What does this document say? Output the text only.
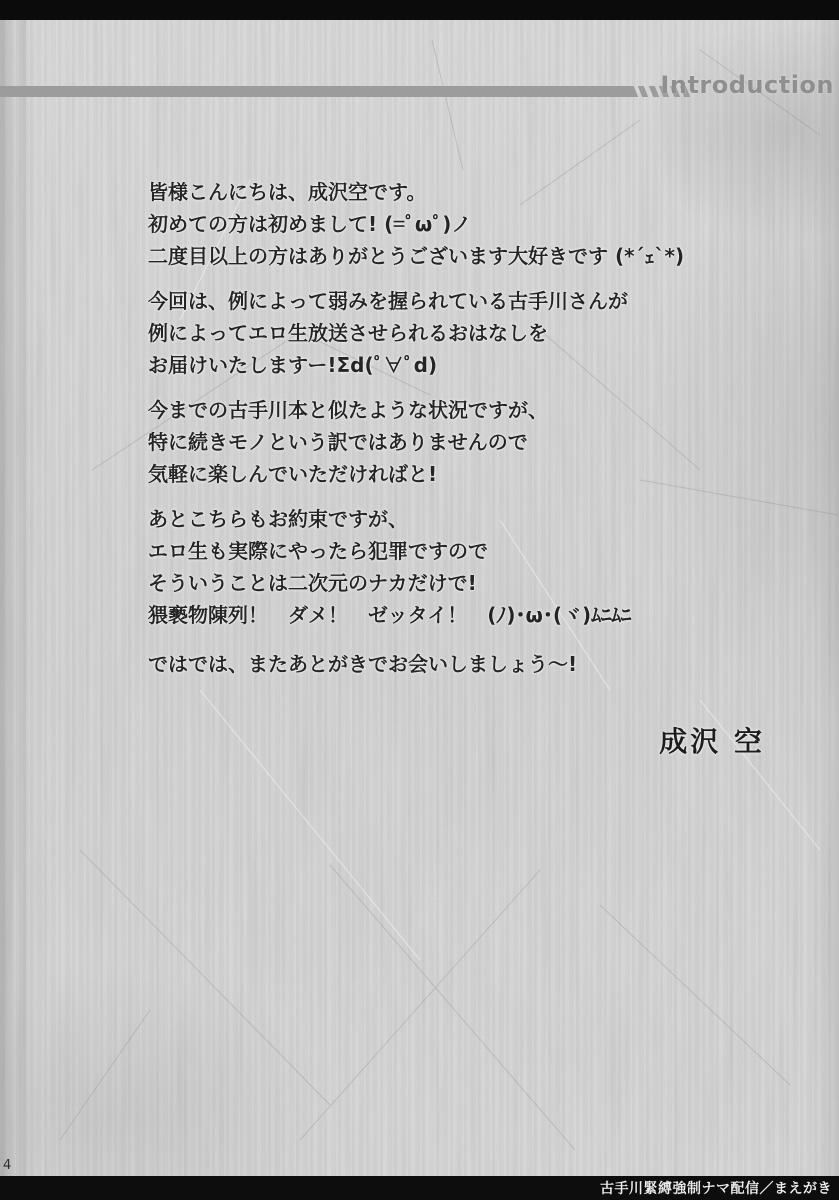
Introduction
皆様こんにちは、成沢空です。
初めての方は初めまして! (=ﾟωﾟ)ノ
二度目以上の方はありがとうございます大好きです (*´ｪ`*)
今回は、例によって弱みを握られている古手川さんが
例によってエロ生放送させられるおはなしを
お届けいたしますー!Σd(ﾟ∀ﾟd)
今までの古手川本と似たような状況ですが、
特に続きモノという訳ではありませんので
気軽に楽しんでいただければと!
あとこちらもお約束ですが、
エロ生も実際にやったら犯罪ですので
そういうことは二次元のナカだけで!
猥褻物陳列！　ダメ！　ゼッタイ！　(ﾉ)･ω･(ヾ)ﾑﾆﾑﾆ
ではでは、またあとがきでお会いしましょう～!
成沢 空
4
古手川緊縛強制ナマ配信／まえがき
